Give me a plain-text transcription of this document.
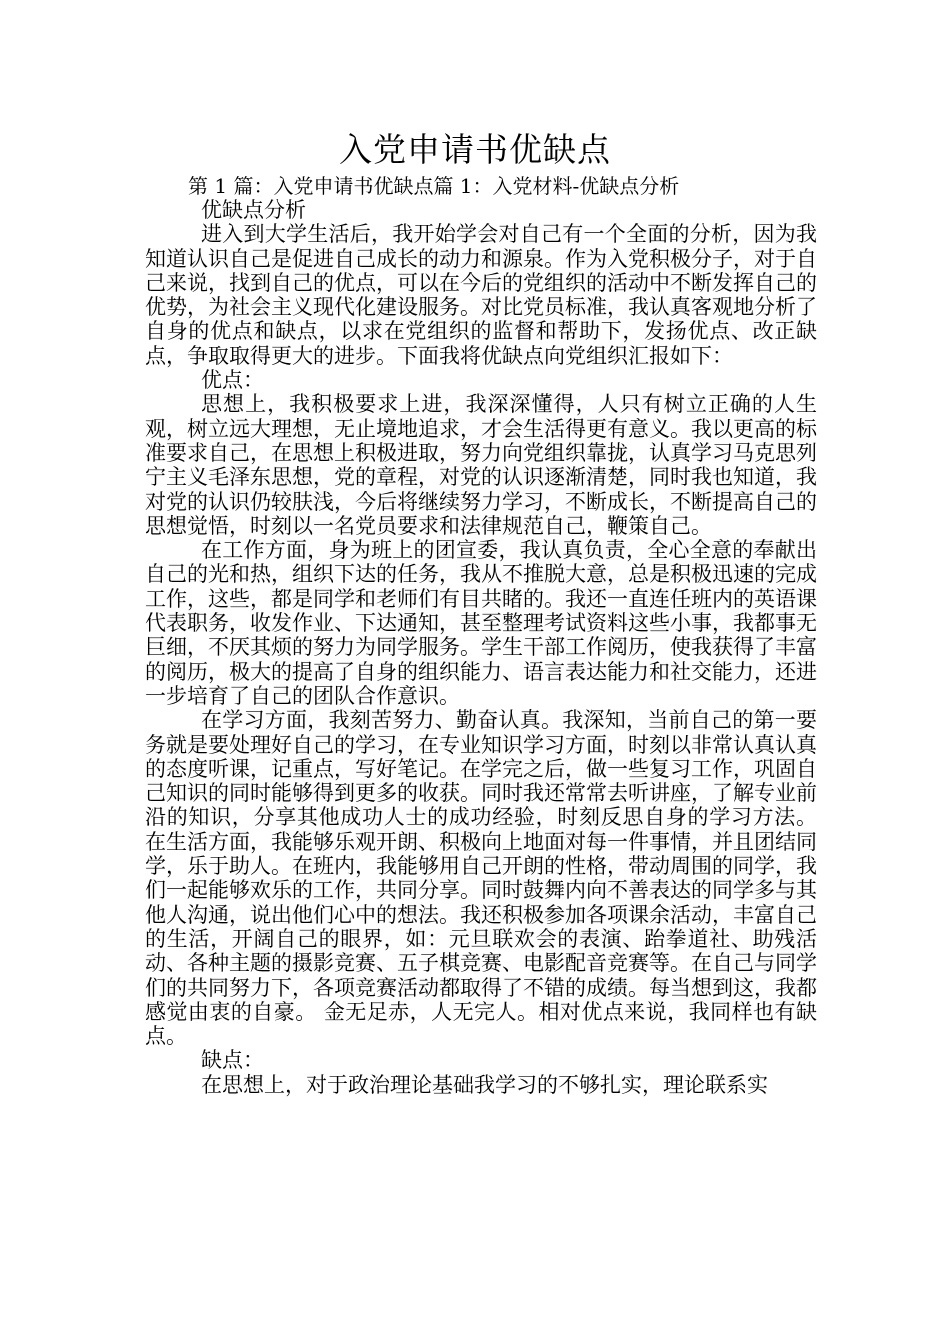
入党申请书优缺点
第 1 篇：入党申请书优缺点篇 1：入党材料-优缺点分析

优缺点分析

进入到大学生活后，我开始学会对自己有一个全面的分析，因为我知道认识自己是促进自己成长的动力和源泉。作为入党积极分子，对于自己来说，找到自己的优点，可以在今后的党组织的活动中不断发挥自己的优势，为社会主义现代化建设服务。对比党员标准，我认真客观地分析了自身的优点和缺点，以求在党组织的监督和帮助下，发扬优点、改正缺点，争取取得更大的进步。下面我将优缺点向党组织汇报如下：

优点：

思想上，我积极要求上进，我深深懂得，人只有树立正确的人生观，树立远大理想，无止境地追求，才会生活得更有意义。我以更高的标准要求自己，在思想上积极进取，努力向党组织靠拢，认真学习马克思列宁主义毛泽东思想，党的章程，对党的认识逐渐清楚，同时我也知道，我对党的认识仍较肤浅，今后将继续努力学习，不断成长，不断提高自己的思想觉悟，时刻以一名党员要求和法律规范自己，鞭策自己。

在工作方面，身为班上的团宣委，我认真负责，全心全意的奉献出自己的光和热，组织下达的任务，我从不推脱大意，总是积极迅速的完成工作，这些，都是同学和老师们有目共睹的。我还一直连任班内的英语课代表职务，收发作业、下达通知，甚至整理考试资料这些小事，我都事无巨细，不厌其烦的努力为同学服务。学生干部工作阅历，使我获得了丰富的阅历，极大的提高了自身的组织能力、语言表达能力和社交能力，还进一步培育了自己的团队合作意识。

在学习方面，我刻苦努力、勤奋认真。我深知，当前自己的第一要务就是要处理好自己的学习，在专业知识学习方面，时刻以非常认真认真的态度听课，记重点，写好笔记。在学完之后，做一些复习工作，巩固自己知识的同时能够得到更多的收获。同时我还常常去听讲座，了解专业前沿的知识，分享其他成功人士的成功经验，时刻反思自身的学习方法。 在生活方面，我能够乐观开朗、积极向上地面对每一件事情，并且团结同学，乐于助人。在班内，我能够用自己开朗的性格，带动周围的同学，我们一起能够欢乐的工作，共同分享。同时鼓舞内向不善表达的同学多与其他人沟通，说出他们心中的想法。我还积极参加各项课余活动，丰富自己的生活，开阔自己的眼界，如：元旦联欢会的表演、跆拳道社、助残活动、各种主题的摄影竞赛、五子棋竞赛、电影配音竞赛等。在自己与同学们的共同努力下，各项竞赛活动都取得了不错的成绩。每当想到这，我都感觉由衷的自豪。 金无足赤，人无完人。相对优点来说，我同样也有缺点。

缺点：

在思想上，对于政治理论基础我学习的不够扎实，理论联系实
